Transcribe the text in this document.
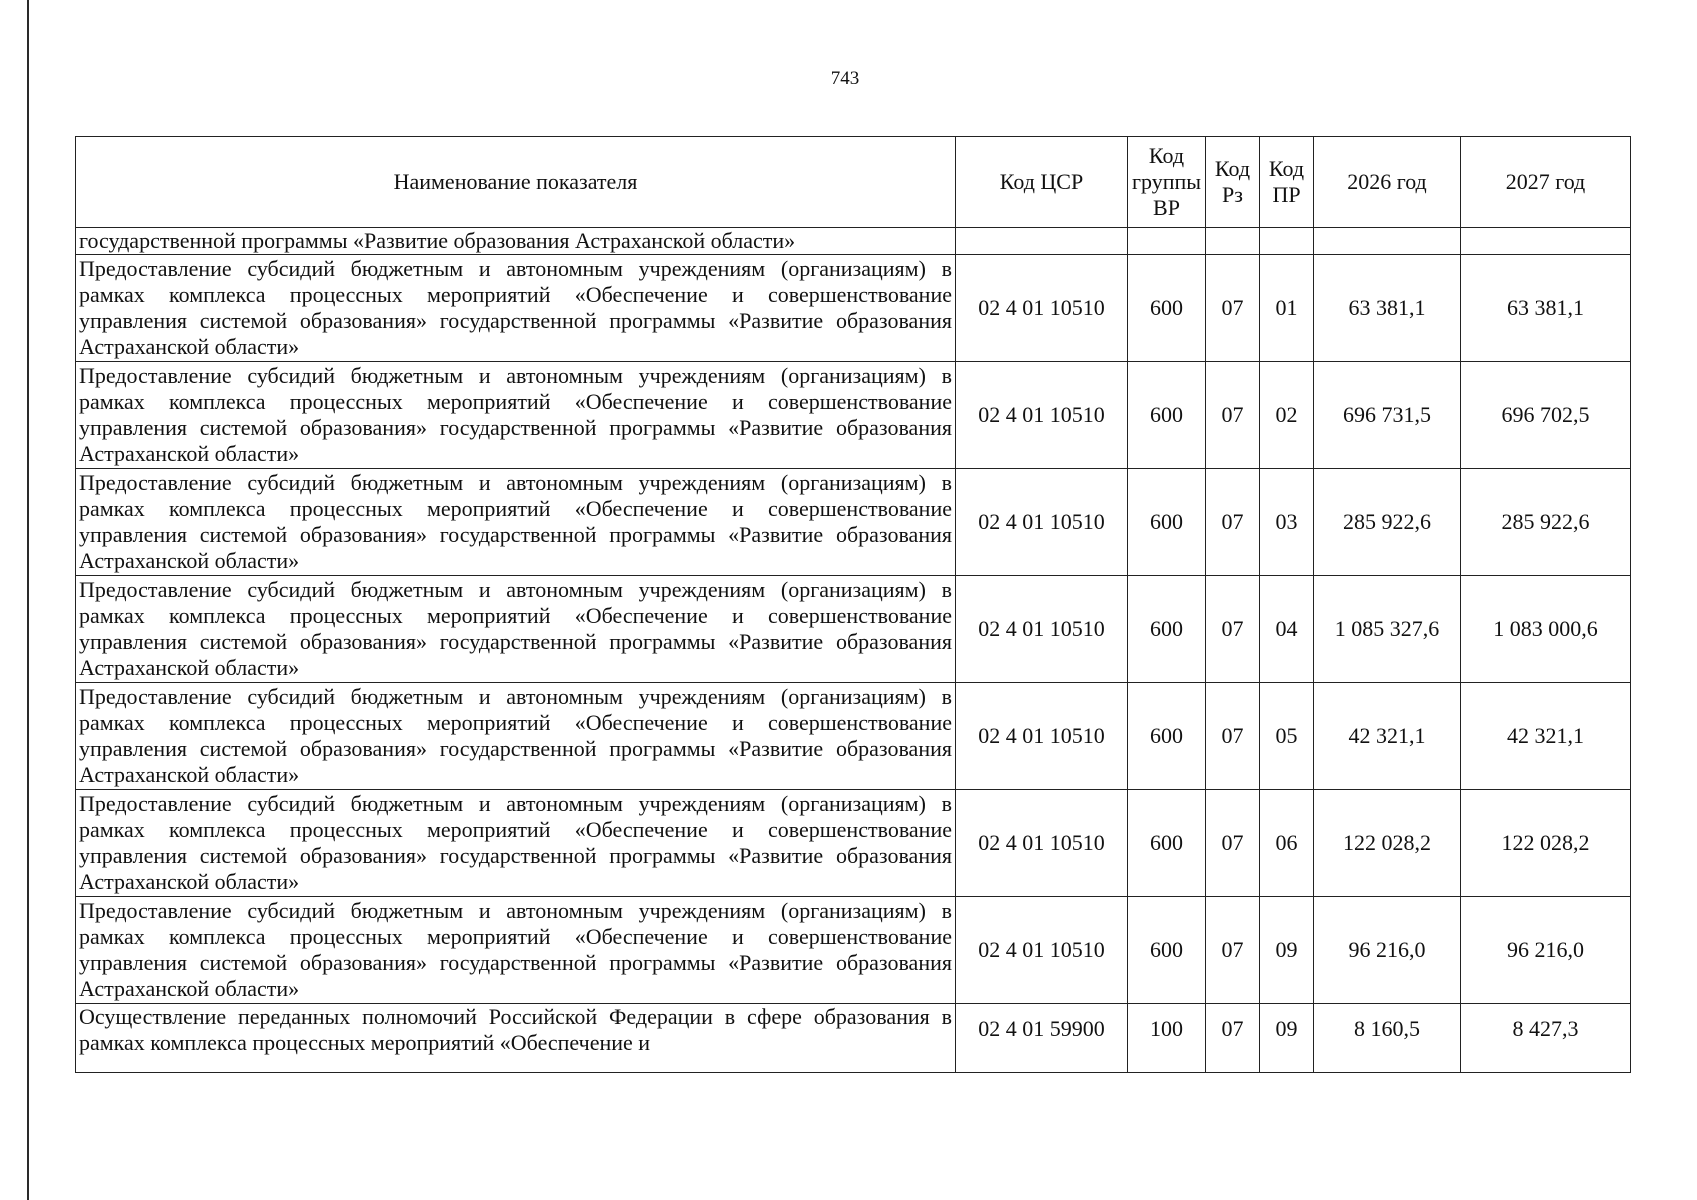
743
Наименование показателя	Код ЦСР	Код группы ВР	Код Рз	Код ПР	2026 год	2027 год
государственной программы «Развитие образования Астраханской области»						
Предоставление субсидий бюджетным и автономным учреждениям (организациям) в рамках комплекса процессных мероприятий «Обеспечение и совершенствование управления системой образования» государственной программы «Развитие образования Астраханской области»	02 4 01 10510	600	07	01	63 381,1	63 381,1
Предоставление субсидий бюджетным и автономным учреждениям (организациям) в рамках комплекса процессных мероприятий «Обеспечение и совершенствование управления системой образования» государственной программы «Развитие образования Астраханской области»	02 4 01 10510	600	07	02	696 731,5	696 702,5
Предоставление субсидий бюджетным и автономным учреждениям (организациям) в рамках комплекса процессных мероприятий «Обеспечение и совершенствование управления системой образования» государственной программы «Развитие образования Астраханской области»	02 4 01 10510	600	07	03	285 922,6	285 922,6
Предоставление субсидий бюджетным и автономным учреждениям (организациям) в рамках комплекса процессных мероприятий «Обеспечение и совершенствование управления системой образования» государственной программы «Развитие образования Астраханской области»	02 4 01 10510	600	07	04	1 085 327,6	1 083 000,6
Предоставление субсидий бюджетным и автономным учреждениям (организациям) в рамках комплекса процессных мероприятий «Обеспечение и совершенствование управления системой образования» государственной программы «Развитие образования Астраханской области»	02 4 01 10510	600	07	05	42 321,1	42 321,1
Предоставление субсидий бюджетным и автономным учреждениям (организациям) в рамках комплекса процессных мероприятий «Обеспечение и совершенствование управления системой образования» государственной программы «Развитие образования Астраханской области»	02 4 01 10510	600	07	06	122 028,2	122 028,2
Предоставление субсидий бюджетным и автономным учреждениям (организациям) в рамках комплекса процессных мероприятий «Обеспечение и совершенствование управления системой образования» государственной программы «Развитие образования Астраханской области»	02 4 01 10510	600	07	09	96 216,0	96 216,0
Осуществление переданных полномочий Российской Федерации в сфере образования в рамках комплекса процессных мероприятий «Обеспечение и	02 4 01 59900	100	07	09	8 160,5	8 427,3
